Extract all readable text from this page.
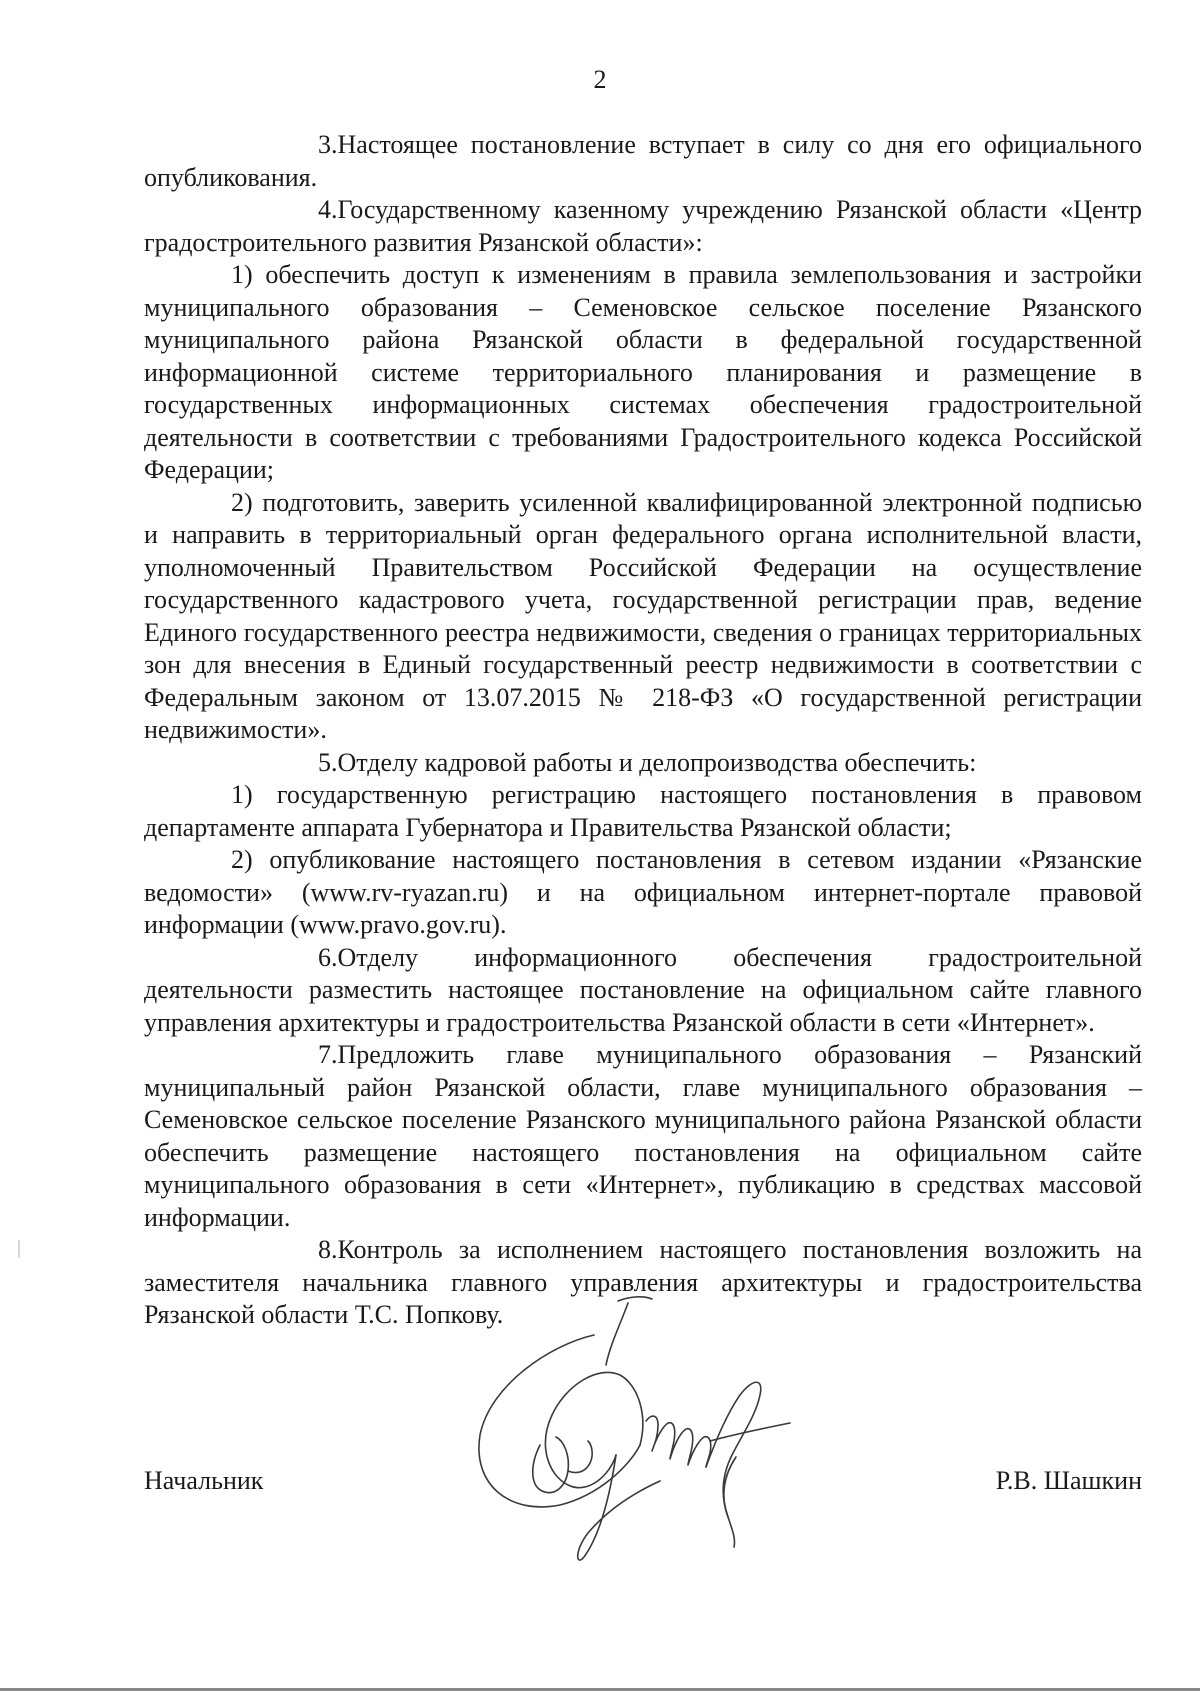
2

3.Настоящее постановление вступает в силу со дня его официального опубликования.

4.Государственному казенному учреждению Рязанской области «Центр градостроительного развития Рязанской области»:

1) обеспечить доступ к изменениям в правила землепользования и застройки муниципального образования – Семеновское сельское поселение Рязанского муниципального района Рязанской области в федеральной государственной информационной системе территориального планирования и размещение в государственных информационных системах обеспечения градостроительной деятельности в соответствии с требованиями Градостроительного кодекса Российской Федерации;

2) подготовить, заверить усиленной квалифицированной электронной подписью и направить в территориальный орган федерального органа исполнительной власти, уполномоченный Правительством Российской Федерации на осуществление государственного кадастрового учета, государственной регистрации прав, ведение Единого государственного реестра недвижимости, сведения о границах территориальных зон для внесения в Единый государственный реестр недвижимости в соответствии с Федеральным законом от 13.07.2015 № 218-ФЗ «О государственной регистрации недвижимости».

5.Отделу кадровой работы и делопроизводства обеспечить:

1) государственную регистрацию настоящего постановления в правовом департаменте аппарата Губернатора и Правительства Рязанской области;

2) опубликование настоящего постановления в сетевом издании «Рязанские ведомости» (www.rv-ryazan.ru) и на официальном интернет-портале правовой информации (www.pravo.gov.ru).

6.Отделу информационного обеспечения градостроительной деятельности разместить настоящее постановление на официальном сайте главного управления архитектуры и градостроительства Рязанской области в сети «Интернет».

7.Предложить главе муниципального образования – Рязанский муниципальный район Рязанской области, главе муниципального образования – Семеновское сельское поселение Рязанского муниципального района Рязанской области обеспечить размещение настоящего постановления на официальном сайте муниципального образования в сети «Интернет», публикацию в средствах массовой информации.

8.Контроль за исполнением настоящего постановления возложить на заместителя начальника главного управления архитектуры и градостроительства Рязанской области Т.С. Попкову.

Начальник	Р.В. Шашкин
